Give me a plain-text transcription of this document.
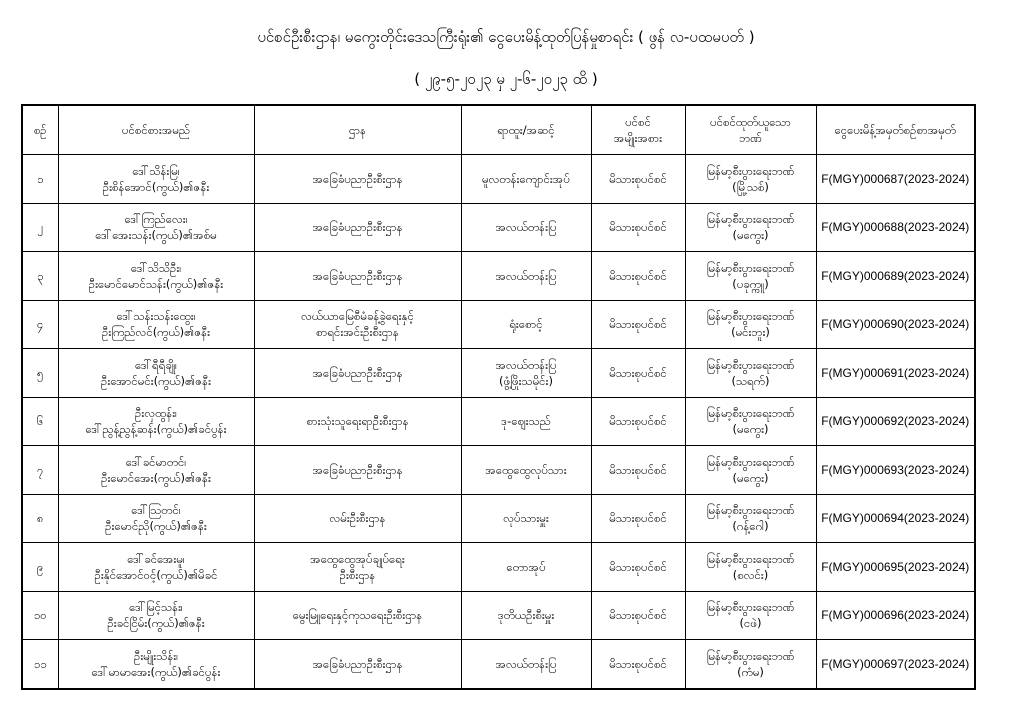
ပင်စင်ဦးစီးဌာန၊ မကွေးတိုင်းဒေသကြီးရုံး၏ ငွေပေးမိန့်ထုတ်ပြန်မှုစာရင်း ( ဖွန် လ-ပထမပတ် )
( ၂၉-၅-၂၀၂၃ မှ ၂-၆-၂၀၂၃ ထိ )
စဉ်	ပင်စင်စားအမည်	ဌာန	ရာထူး/အဆင့်	ပင်စင်
အမျိုးအစား	ပင်စင်ထုတ်ယူသော
ဘဏ်	ငွေပေးမိန့်အမှတ်စဉ်စာအမှတ်

၁	ဒေါ်သိန်းမြ၊
ဦးစိန်အောင်(ကွယ်)၏ဇနီး	အခြေခံပညာဦးစီးဌာန	မူလတန်းကျောင်းအုပ်	မိသားစုပင်စင်	မြန်မာ့စီးပွားရေးဘဏ်
(မြို့သစ်)	F(MGY)000687(2023-2024)
၂	ဒေါ်ကြည်လေး၊
ဒေါ်အေးသန်း(ကွယ်)၏အစ်မ	အခြေခံပညာဦးစီးဌာန	အလယ်တန်းပြ	မိသားစုပင်စင်	မြန်မာ့စီးပွားရေးဘဏ်
(မကွေး)	F(MGY)000688(2023-2024)
၃	ဒေါ်သိသိဦး၊
ဦးမောင်မောင်သန်း(ကွယ်)၏ဇနီး	အခြေခံပညာဦးစီးဌာန	အလယ်တန်းပြ	မိသားစုပင်စင်	မြန်မာ့စီးပွားရေးဘဏ်
(ပခုက္ကူ)	F(MGY)000689(2023-2024)
၄	ဒေါ်သန်းသန်းထွေး၊
ဦးကြည်လင်(ကွယ်)၏ဇနီး	လယ်ယာမြေစီမံခန့်ခွဲရေးနှင့်
စာရင်းအင်းဦးစီးဌာန	ရုံးစောင့်	မိသားစုပင်စင်	မြန်မာ့စီးပွားရေးဘဏ်
(မင်းဘူး)	F(MGY)000690(2023-2024)
၅	ဒေါ်ရီရီချို၊
ဦးအောင်မင်း(ကွယ်)၏ဇနီး	အခြေခံပညာဦးစီးဌာန	အလယ်တန်းပြ
(ဖွံ့ဖြိုးသမိုင်း)	မိသားစုပင်စင်	မြန်မာ့စီးပွားရေးဘဏ်
(သရက်)	F(MGY)000691(2023-2024)
၆	ဦးလှထွန်း၊
ဒေါ်ညွန့်ညွန့်ဆန်း(ကွယ်)၏ခင်ပွန်း	စားသုံးသူရေးရာဦးစီးဌာန	ဒု-ဈေးသည်	မိသားစုပင်စင်	မြန်မာ့စီးပွားရေးဘဏ်
(မကွေး)	F(MGY)000692(2023-2024)
၇	ဒေါ်ခင်မာတင်၊
ဦးမောင်အေး(ကွယ်)၏ဇနီး	အခြေခံပညာဦးစီးဌာန	အထွေထွေလုပ်သား	မိသားစုပင်စင်	မြန်မာ့စီးပွားရေးဘဏ်
(မကွေး)	F(MGY)000693(2023-2024)
၈	ဒေါ်သြတင်၊
ဦးမောင်ညို(ကွယ်)၏ဇနီး	လမ်းဦးစီးဌာန	လုပ်သားမှူး	မိသားစုပင်စင်	မြန်မာ့စီးပွားရေးဘဏ်
(ဂန့်ဂေါ)	F(MGY)000694(2023-2024)
၉	ဒေါ်ခင်အေးမူ၊
ဦးနိုင်အောင်ဝင့်(ကွယ်)၏မိခင်	အထွေထွေအုပ်ချုပ်ရေး
ဦးစီးဌာန	တောအုပ်	မိသားစုပင်စင်	မြန်မာ့စီးပွားရေးဘဏ်
(စလင်း)	F(MGY)000695(2023-2024)
၁၀	ဒေါ်မြင့်သန်း၊
ဦးခင်ငြိမ်း(ကွယ်)၏ဇနီး	မွေးမြူရေးနှင့်ကုသရေးဦးစီးဌာန	ဒုတိယဦးစီးမှူး	မိသားစုပင်စင်	မြန်မာ့စီးပွားရေးဘဏ်
(ငဖဲ)	F(MGY)000696(2023-2024)
၁၁	ဦးမျိုးသိန်း၊
ဒေါ်မာမာအေး(ကွယ်)၏ခင်ပွန်း	အခြေခံပညာဦးစီးဌာန	အလယ်တန်းပြ	မိသားစုပင်စင်	မြန်မာ့စီးပွားရေးဘဏ်
(ကံမ)	F(MGY)000697(2023-2024)
